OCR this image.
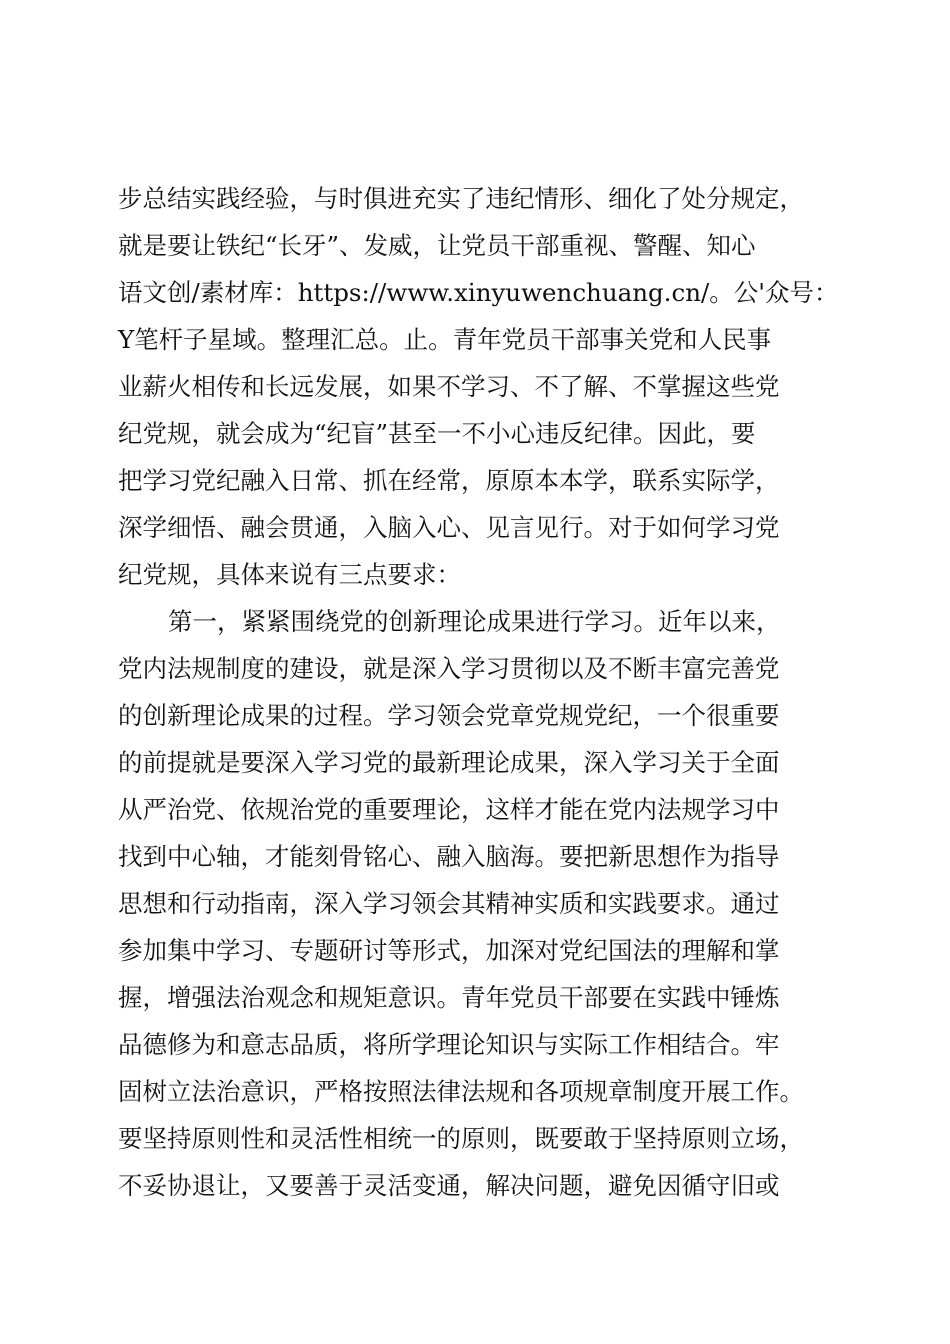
步总结实践经验，与时俱进充实了违纪情形、细化了处分规定，
就是要让铁纪“长牙”、发威，让党员干部重视、警醒、知心
语文创/素材库：https://www.xinyuwenchuang.cn/。公'众号：
Y笔杆子星域。整理汇总。止。青年党员干部事关党和人民事
业薪火相传和长远发展，如果不学习、不了解、不掌握这些党
纪党规，就会成为“纪盲”甚至一不小心违反纪律。因此，要
把学习党纪融入日常、抓在经常，原原本本学，联系实际学，
深学细悟、融会贯通，入脑入心、见言见行。对于如何学习党
纪党规，具体来说有三点要求：
第一，紧紧围绕党的创新理论成果进行学习。近年以来，
党内法规制度的建设，就是深入学习贯彻以及不断丰富完善党
的创新理论成果的过程。学习领会党章党规党纪，一个很重要
的前提就是要深入学习党的最新理论成果，深入学习关于全面
从严治党、依规治党的重要理论，这样才能在党内法规学习中
找到中心轴，才能刻骨铭心、融入脑海。要把新思想作为指导
思想和行动指南，深入学习领会其精神实质和实践要求。通过
参加集中学习、专题研讨等形式，加深对党纪国法的理解和掌
握，增强法治观念和规矩意识。青年党员干部要在实践中锤炼
品德修为和意志品质，将所学理论知识与实际工作相结合。牢
固树立法治意识，严格按照法律法规和各项规章制度开展工作。
要坚持原则性和灵活性相统一的原则，既要敢于坚持原则立场，
不妥协退让，又要善于灵活变通，解决问题，避免因循守旧或
